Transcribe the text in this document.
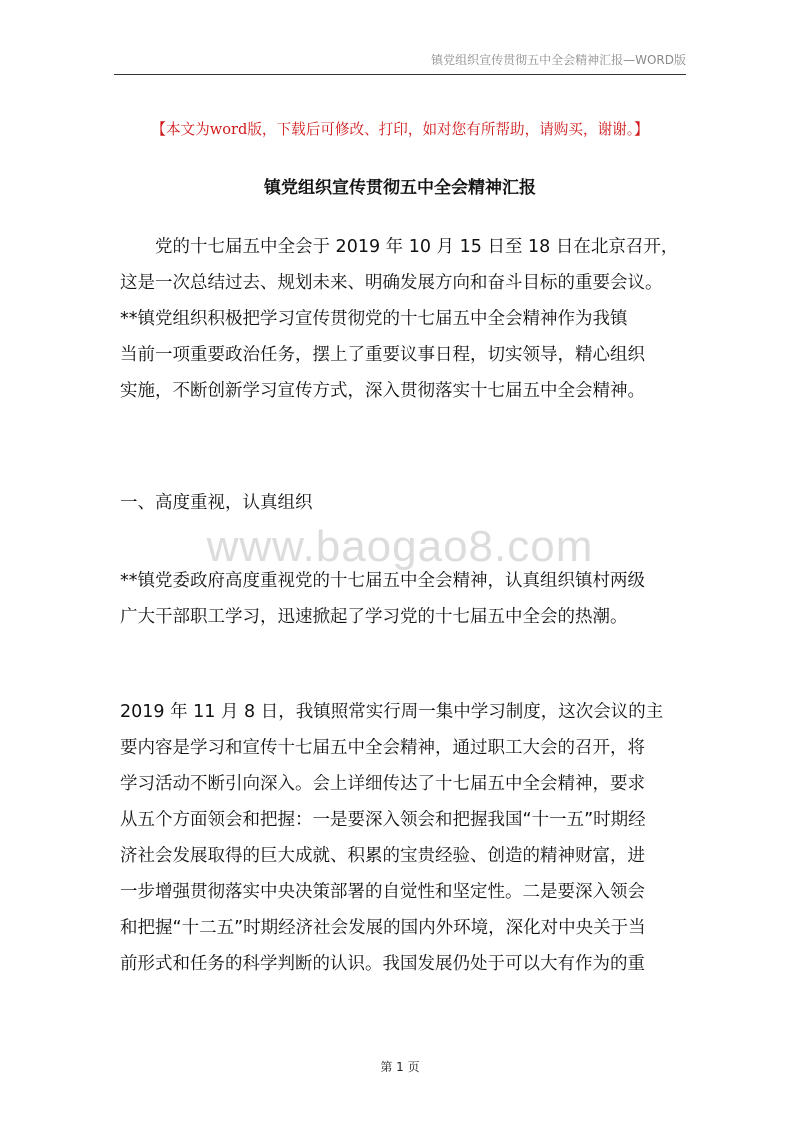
镇党组织宣传贯彻五中全会精神汇报—WORD版
【本文为word版，下载后可修改、打印，如对您有所帮助，请购买，谢谢。】
镇党组织宣传贯彻五中全会精神汇报
　　党的十七届五中全会于 2019 年 10 月 15 日至 18 日在北京召开，
这是一次总结过去、规划未来、明确发展方向和奋斗目标的重要会议。
**镇党组织积极把学习宣传贯彻党的十七届五中全会精神作为我镇
当前一项重要政治任务，摆上了重要议事日程，切实领导，精心组织
实施，不断创新学习宣传方式，深入贯彻落实十七届五中全会精神。
一、高度重视，认真组织
www.baogao8.com
**镇党委政府高度重视党的十七届五中全会精神，认真组织镇村两级
广大干部职工学习，迅速掀起了学习党的十七届五中全会的热潮。
2019 年 11 月 8 日，我镇照常实行周一集中学习制度，这次会议的主
要内容是学习和宣传十七届五中全会精神，通过职工大会的召开，将
学习活动不断引向深入。会上详细传达了十七届五中全会精神，要求
从五个方面领会和把握：一是要深入领会和把握我国“十一五”时期经
济社会发展取得的巨大成就、积累的宝贵经验、创造的精神财富，进
一步增强贯彻落实中央决策部署的自觉性和坚定性。二是要深入领会
和把握“十二五”时期经济社会发展的国内外环境，深化对中央关于当
前形式和任务的科学判断的认识。我国发展仍处于可以大有作为的重
第 1 页
